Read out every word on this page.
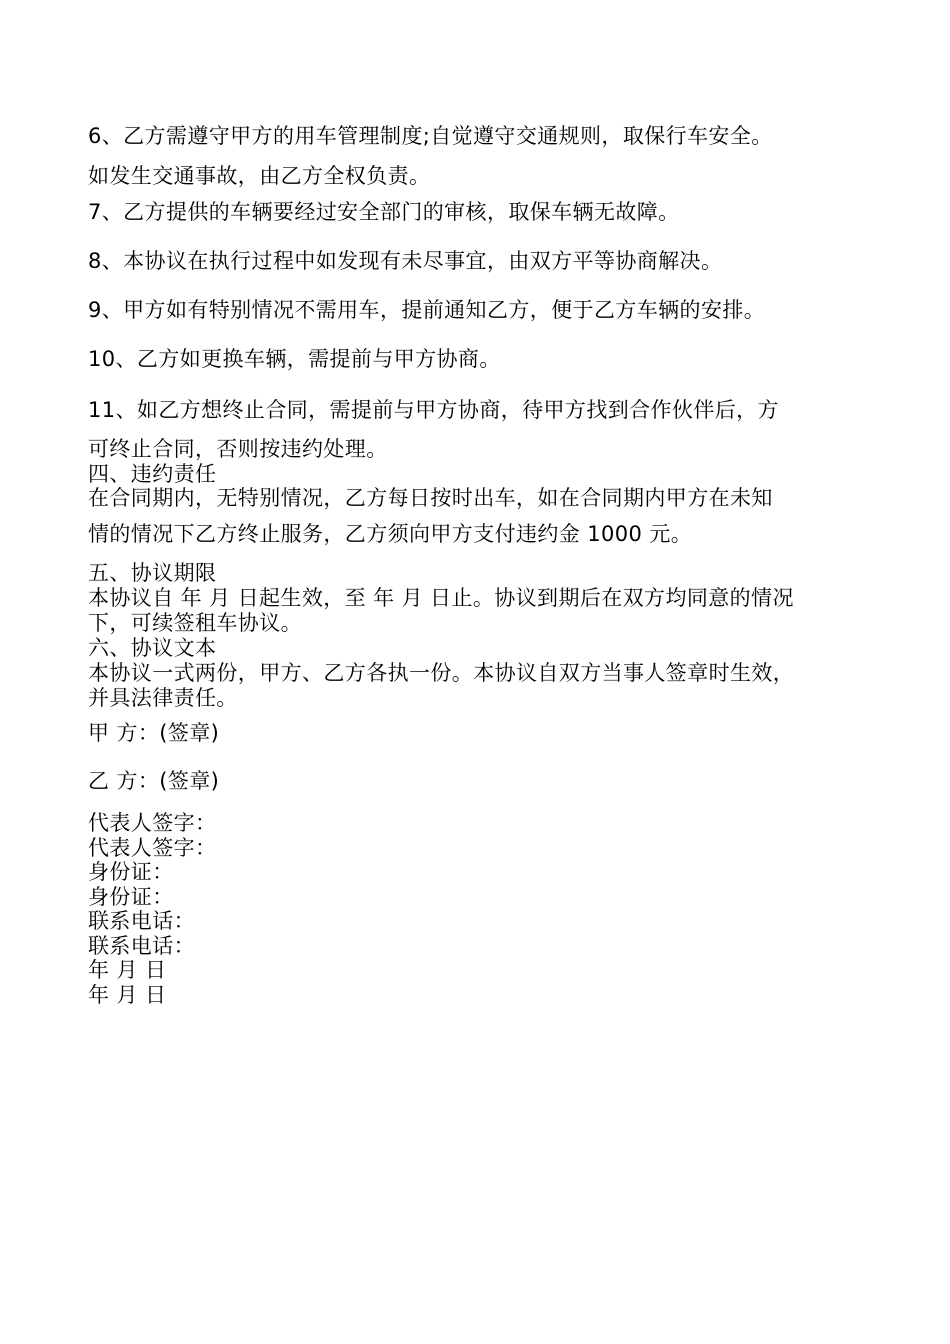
6、乙方需遵守甲方的用车管理制度;自觉遵守交通规则，取保行车安全。

如发生交通事故，由乙方全权负责。

7、乙方提供的车辆要经过安全部门的审核，取保车辆无故障。

8、本协议在执行过程中如发现有未尽事宜，由双方平等协商解决。

9、甲方如有特别情况不需用车，提前通知乙方，便于乙方车辆的安排。

10、乙方如更换车辆，需提前与甲方协商。

11、如乙方想终止合同，需提前与甲方协商，待甲方找到合作伙伴后，方

可终止合同，否则按违约处理。

四、违约责任

在合同期内，无特别情况，乙方每日按时出车，如在合同期内甲方在未知

情的情况下乙方终止服务，乙方须向甲方支付违约金 1000 元。

五、协议期限

本协议自 年 月 日起生效，至 年 月 日止。协议到期后在双方均同意的情况

下，可续签租车协议。

六、协议文本

本协议一式两份，甲方、乙方各执一份。本协议自双方当事人签章时生效，

并具法律责任。

甲 方：(签章)

乙 方：(签章)

代表人签字：

代表人签字：

身份证：

身份证：

联系电话：

联系电话：

年 月 日

年 月 日
